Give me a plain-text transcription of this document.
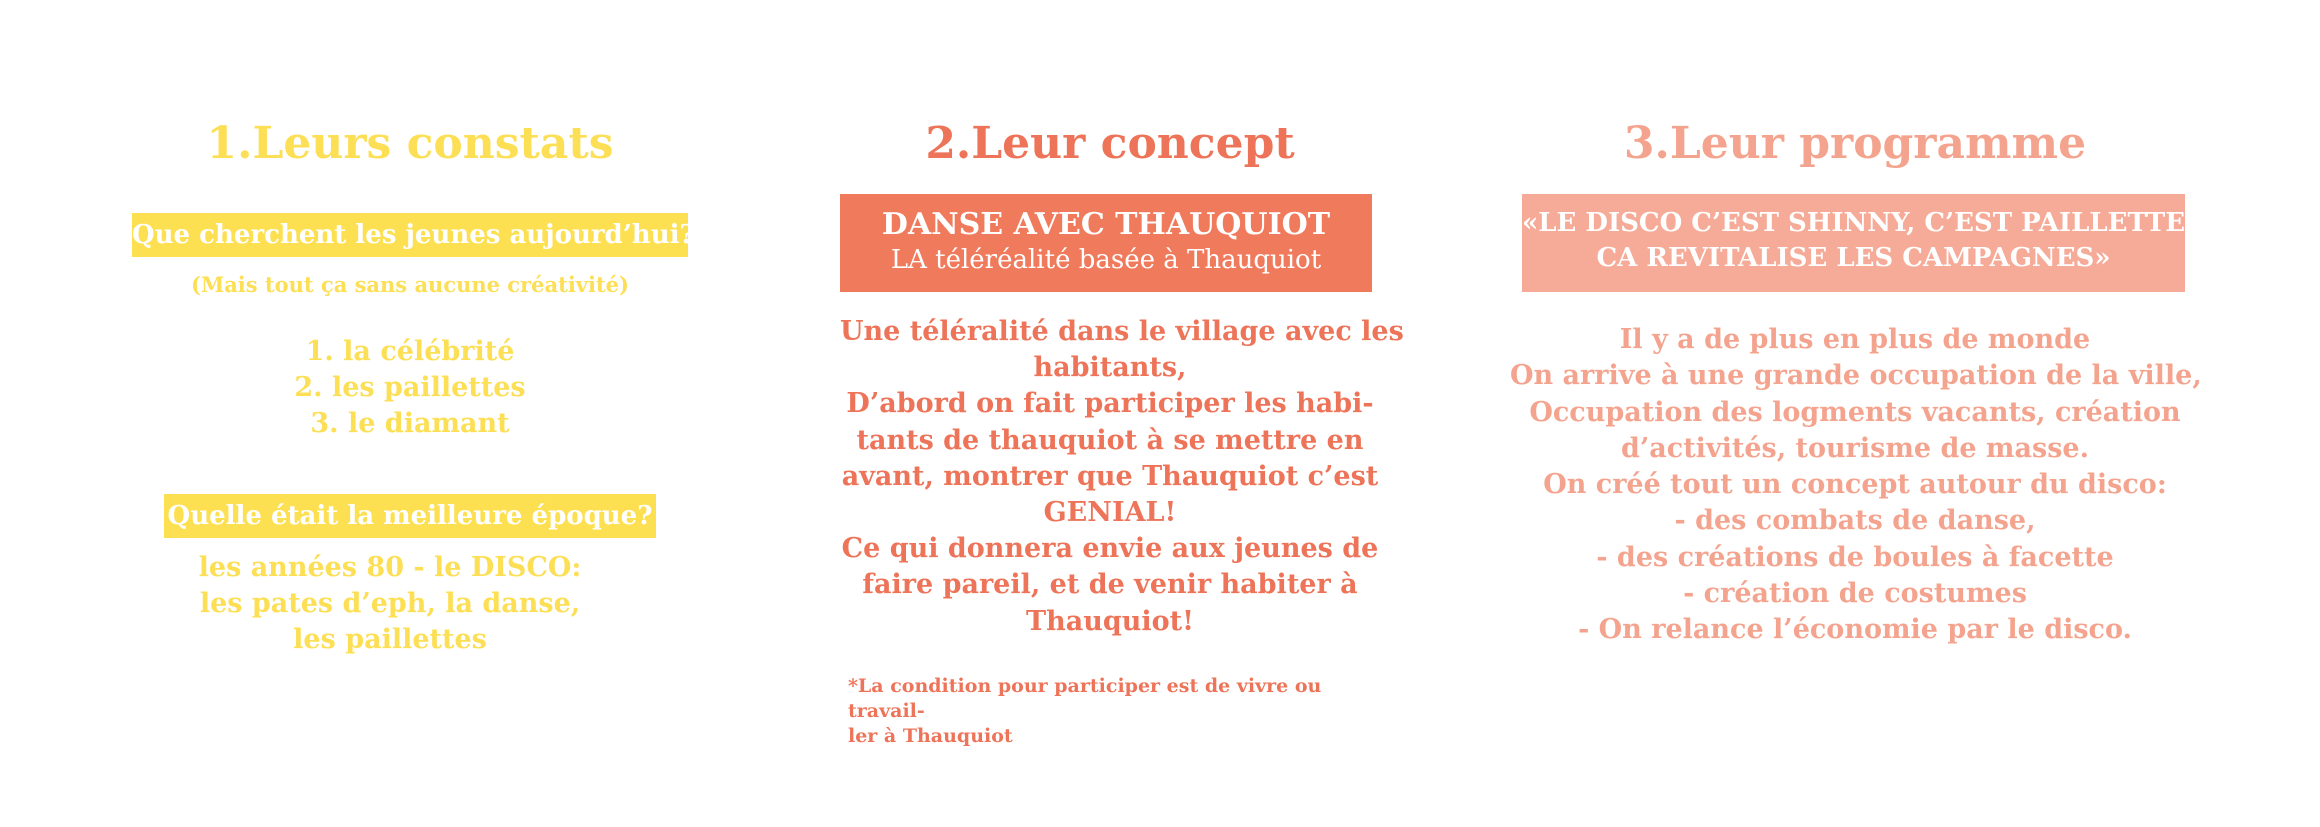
1.Leurs constats
Que cherchent les jeunes aujourd’hui?
(Mais tout ça sans aucune créativité)
1. la célébrité
2. les paillettes
3. le diamant
Quelle était la meilleure époque?
les années 80 - le DISCO:
les pates d’eph, la danse,
les paillettes
2.Leur concept
DANSE AVEC THAUQUIOT
LA téléréalité basée à Thauquiot
Une téléralité dans le village avec les
habitants,
D’abord on fait participer les habi-
tants de thauquiot à se mettre en
avant, montrer que Thauquiot c’est
GENIAL!
Ce qui donnera envie aux jeunes de
faire pareil, et de venir habiter à
Thauquiot!
*La condition pour participer est de vivre ou travail-
ler à Thauquiot
3.Leur programme
«LE DISCO C’EST SHINNY, C’EST PAILLETTE
CA REVITALISE LES CAMPAGNES»
Il y a de plus en plus de monde
On arrive à une grande occupation de la ville,
Occupation des logments vacants, création
d’activités, tourisme de masse.
On créé tout un concept autour du disco:
- des combats de danse,
- des créations de boules à facette
- création de costumes
- On relance l’économie par le disco.
